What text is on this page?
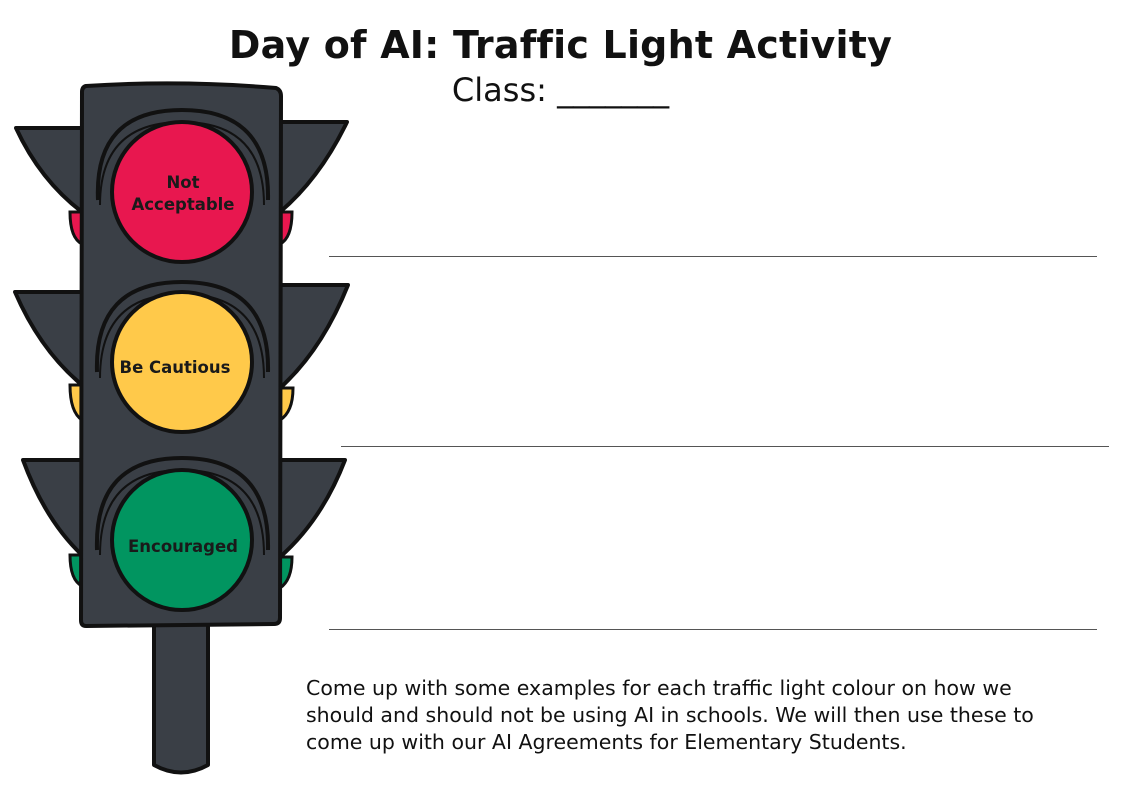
Day of AI: Traffic Light Activity
Class: _______
Not
Acceptable
Be Cautious
Encouraged
Come up with some examples for each traffic light colour on how we should and should not be using AI in schools. We will then use these to come up with our AI Agreements for Elementary Students.
